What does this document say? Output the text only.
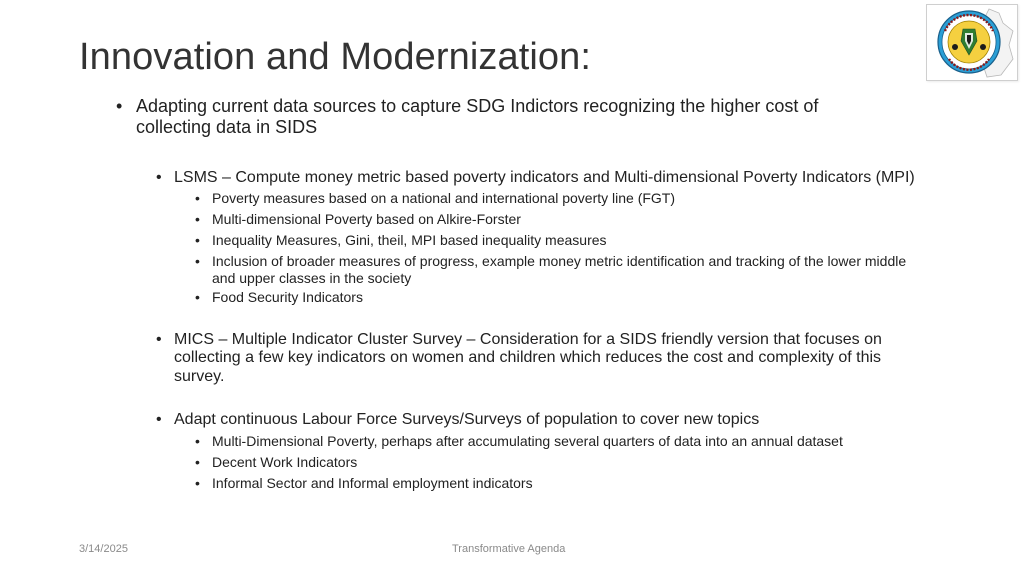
Innovation and Modernization:
• Adapting current data sources to capture SDG Indictors recognizing the higher cost of collecting data in SIDS
• LSMS – Compute money metric based poverty indicators and Multi-dimensional Poverty Indicators (MPI)
• Poverty measures based on a national and international poverty line (FGT)
• Multi-dimensional Poverty based on Alkire-Forster
• Inequality Measures, Gini, theil, MPI based inequality measures
• Inclusion of broader measures of progress, example money metric identification and tracking of the lower middle and upper classes in the society
• Food Security Indicators
• MICS – Multiple Indicator Cluster Survey – Consideration for a SIDS friendly version that focuses on collecting a few key indicators on women and children which reduces the cost and complexity of this survey.
• Adapt continuous Labour Force Surveys/Surveys of population to cover new topics
• Multi-Dimensional Poverty, perhaps after accumulating several quarters of data into an annual dataset
• Decent Work Indicators
• Informal Sector and Informal employment indicators
3/14/2025	Transformative Agenda
